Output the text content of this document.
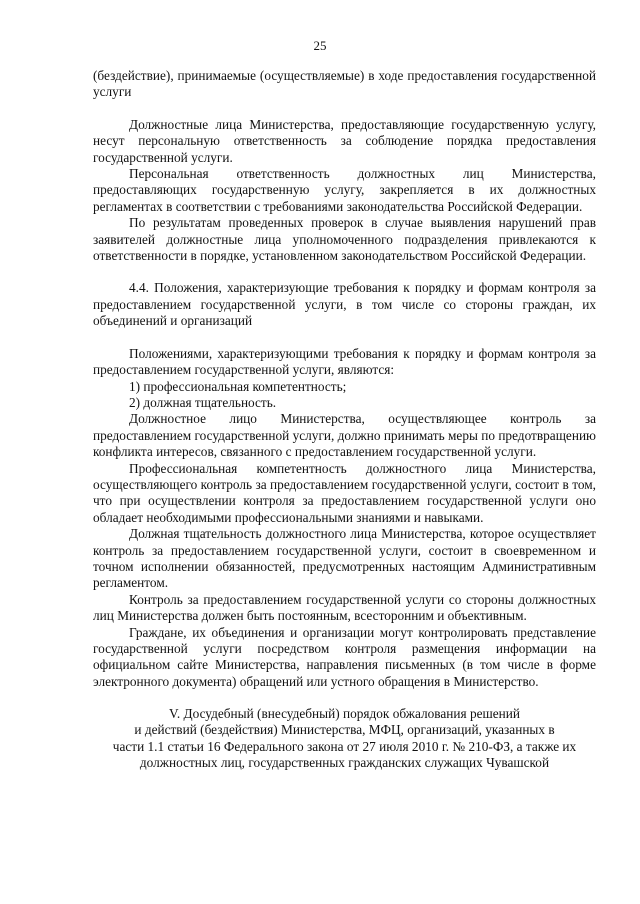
25

(бездействие), принимаемые (осуществляемые) в ходе предоставления государственной услуги

Должностные лица Министерства, предоставляющие государственную услугу, несут персональную ответственность за соблюдение порядка предоставления государственной услуги.

Персональная ответственность должностных лиц Министерства, предоставляющих государственную услугу, закрепляется в их должностных регламентах в соответствии с требованиями законодательства Российской Федерации.

По результатам проведенных проверок в случае выявления нарушений прав заявителей должностные лица уполномоченного подразделения привлекаются к ответственности в порядке, установленном законодательством Российской Федерации.

4.4. Положения, характеризующие требования к порядку и формам контроля за предоставлением государственной услуги, в том числе со стороны граждан, их объединений и организаций

Положениями, характеризующими требования к порядку и формам контроля за предоставлением государственной услуги, являются:

1) профессиональная компетентность;

2) должная тщательность.

Должностное лицо Министерства, осуществляющее контроль за предоставлением государственной услуги, должно принимать меры по предотвращению конфликта интересов, связанного с предоставлением государственной услуги.

Профессиональная компетентность должностного лица Министерства, осуществляющего контроль за предоставлением государственной услуги, состоит в том, что при осуществлении контроля за предоставлением государственной услуги оно обладает необходимыми профессиональными знаниями и навыками.

Должная тщательность должностного лица Министерства, которое осуществляет контроль за предоставлением государственной услуги, состоит в своевременном и точном исполнении обязанностей, предусмотренных настоящим Административным регламентом.

Контроль за предоставлением государственной услуги со стороны должностных лиц Министерства должен быть постоянным, всесторонним и объективным.

Граждане, их объединения и организации могут контролировать представление государственной услуги посредством контроля размещения информации на официальном сайте Министерства, направления письменных (в том числе в форме электронного документа) обращений или устного обращения в Министерство.

V. Досудебный (внесудебный) порядок обжалования решений
и действий (бездействия) Министерства, МФЦ, организаций, указанных в
части 1.1 статьи 16 Федерального закона от 27 июля 2010 г. № 210-ФЗ, а также их
должностных лиц, государственных гражданских служащих Чувашской
